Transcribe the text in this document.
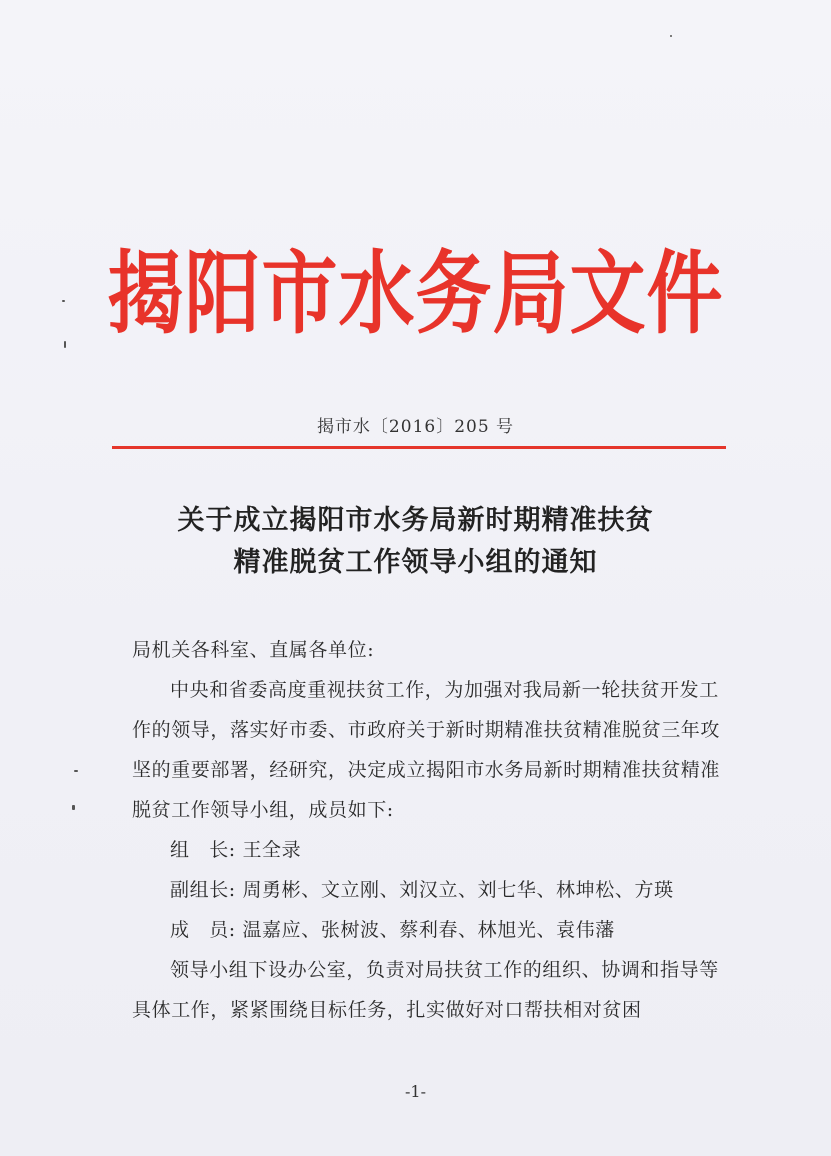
揭阳市水务局文件
揭市水〔2016〕205 号
关于成立揭阳市水务局新时期精准扶贫
精准脱贫工作领导小组的通知

局机关各科室、直属各单位:

中央和省委高度重视扶贫工作，为加强对我局新一轮扶贫开发工作的领导，落实好市委、市政府关于新时期精准扶贫精准脱贫三年攻坚的重要部署，经研究，决定成立揭阳市水务局新时期精准扶贫精准脱贫工作领导小组，成员如下:

组　长: 王全录

副组长: 周勇彬、文立刚、刘汉立、刘七华、林坤松、方瑛

成　员: 温嘉应、张树波、蔡利春、林旭光、袁伟藩

领导小组下设办公室，负责对局扶贫工作的组织、协调和指导等具体工作，紧紧围绕目标任务，扎实做好对口帮扶相对贫困

-1-
